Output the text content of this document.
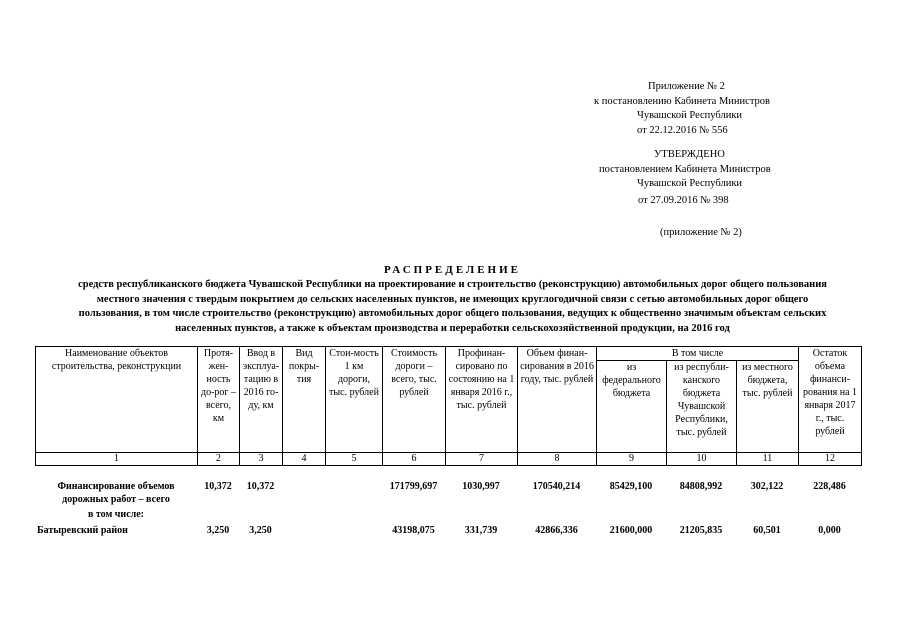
Приложение № 2
к постановлению Кабинета Министров
Чувашской Республики
от 22.12.2016 № 556
УТВЕРЖДЕНО
постановлением Кабинета Министров
Чувашской Республики
от 27.09.2016 № 398
(приложение № 2)
РАСПРЕДЕЛЕНИЕ
средств республиканского бюджета Чувашской Республики на проектирование и строительство (реконструкцию) автомобильных дорог общего пользования
местного значения с твердым покрытием до сельских населенных пунктов, не имеющих круглогодичной связи с сетью автомобильных дорог общего
пользования, в том числе строительство (реконструкцию) автомобильных дорог общего пользования, ведущих к общественно значимым объектам сельских
населенных пунктов, а также к объектам производства и переработки сельскохозяйственной продукции, на 2016 год
Наименование объектов строительства, реконструкции	Протя-жен-ность до-рог – всего, км	Ввод в эксплуа-тацию в 2016 го-ду, км	Вид покры-тия	Стои-мость 1 км дороги, тыс. рублей	Стоимость дороги – всего, тыс. рублей	Профинан-сировано по состоянию на 1 января 2016 г., тыс. рублей	Объем финан-сирования в 2016 году, тыс. рублей	В том числе			Остаток объема финанси-рования на 1 января 2017 г., тыс. рублей
								из федерального бюджета	из республи-канского бюджета Чувашской Республики, тыс. рублей	из местного бюджета, тыс. рублей	
1	2	3	4	5	6	7	8	9	10	11	12
Финансирование объемов дорожных работ – всего	10,372	10,372			171799,697	1030,997	170540,214	85429,100	84808,992	302,122	228,486
в том числе:											
Батыревский район	3,250	3,250			43198,075	331,739	42866,336	21600,000	21205,835	60,501	0,000
